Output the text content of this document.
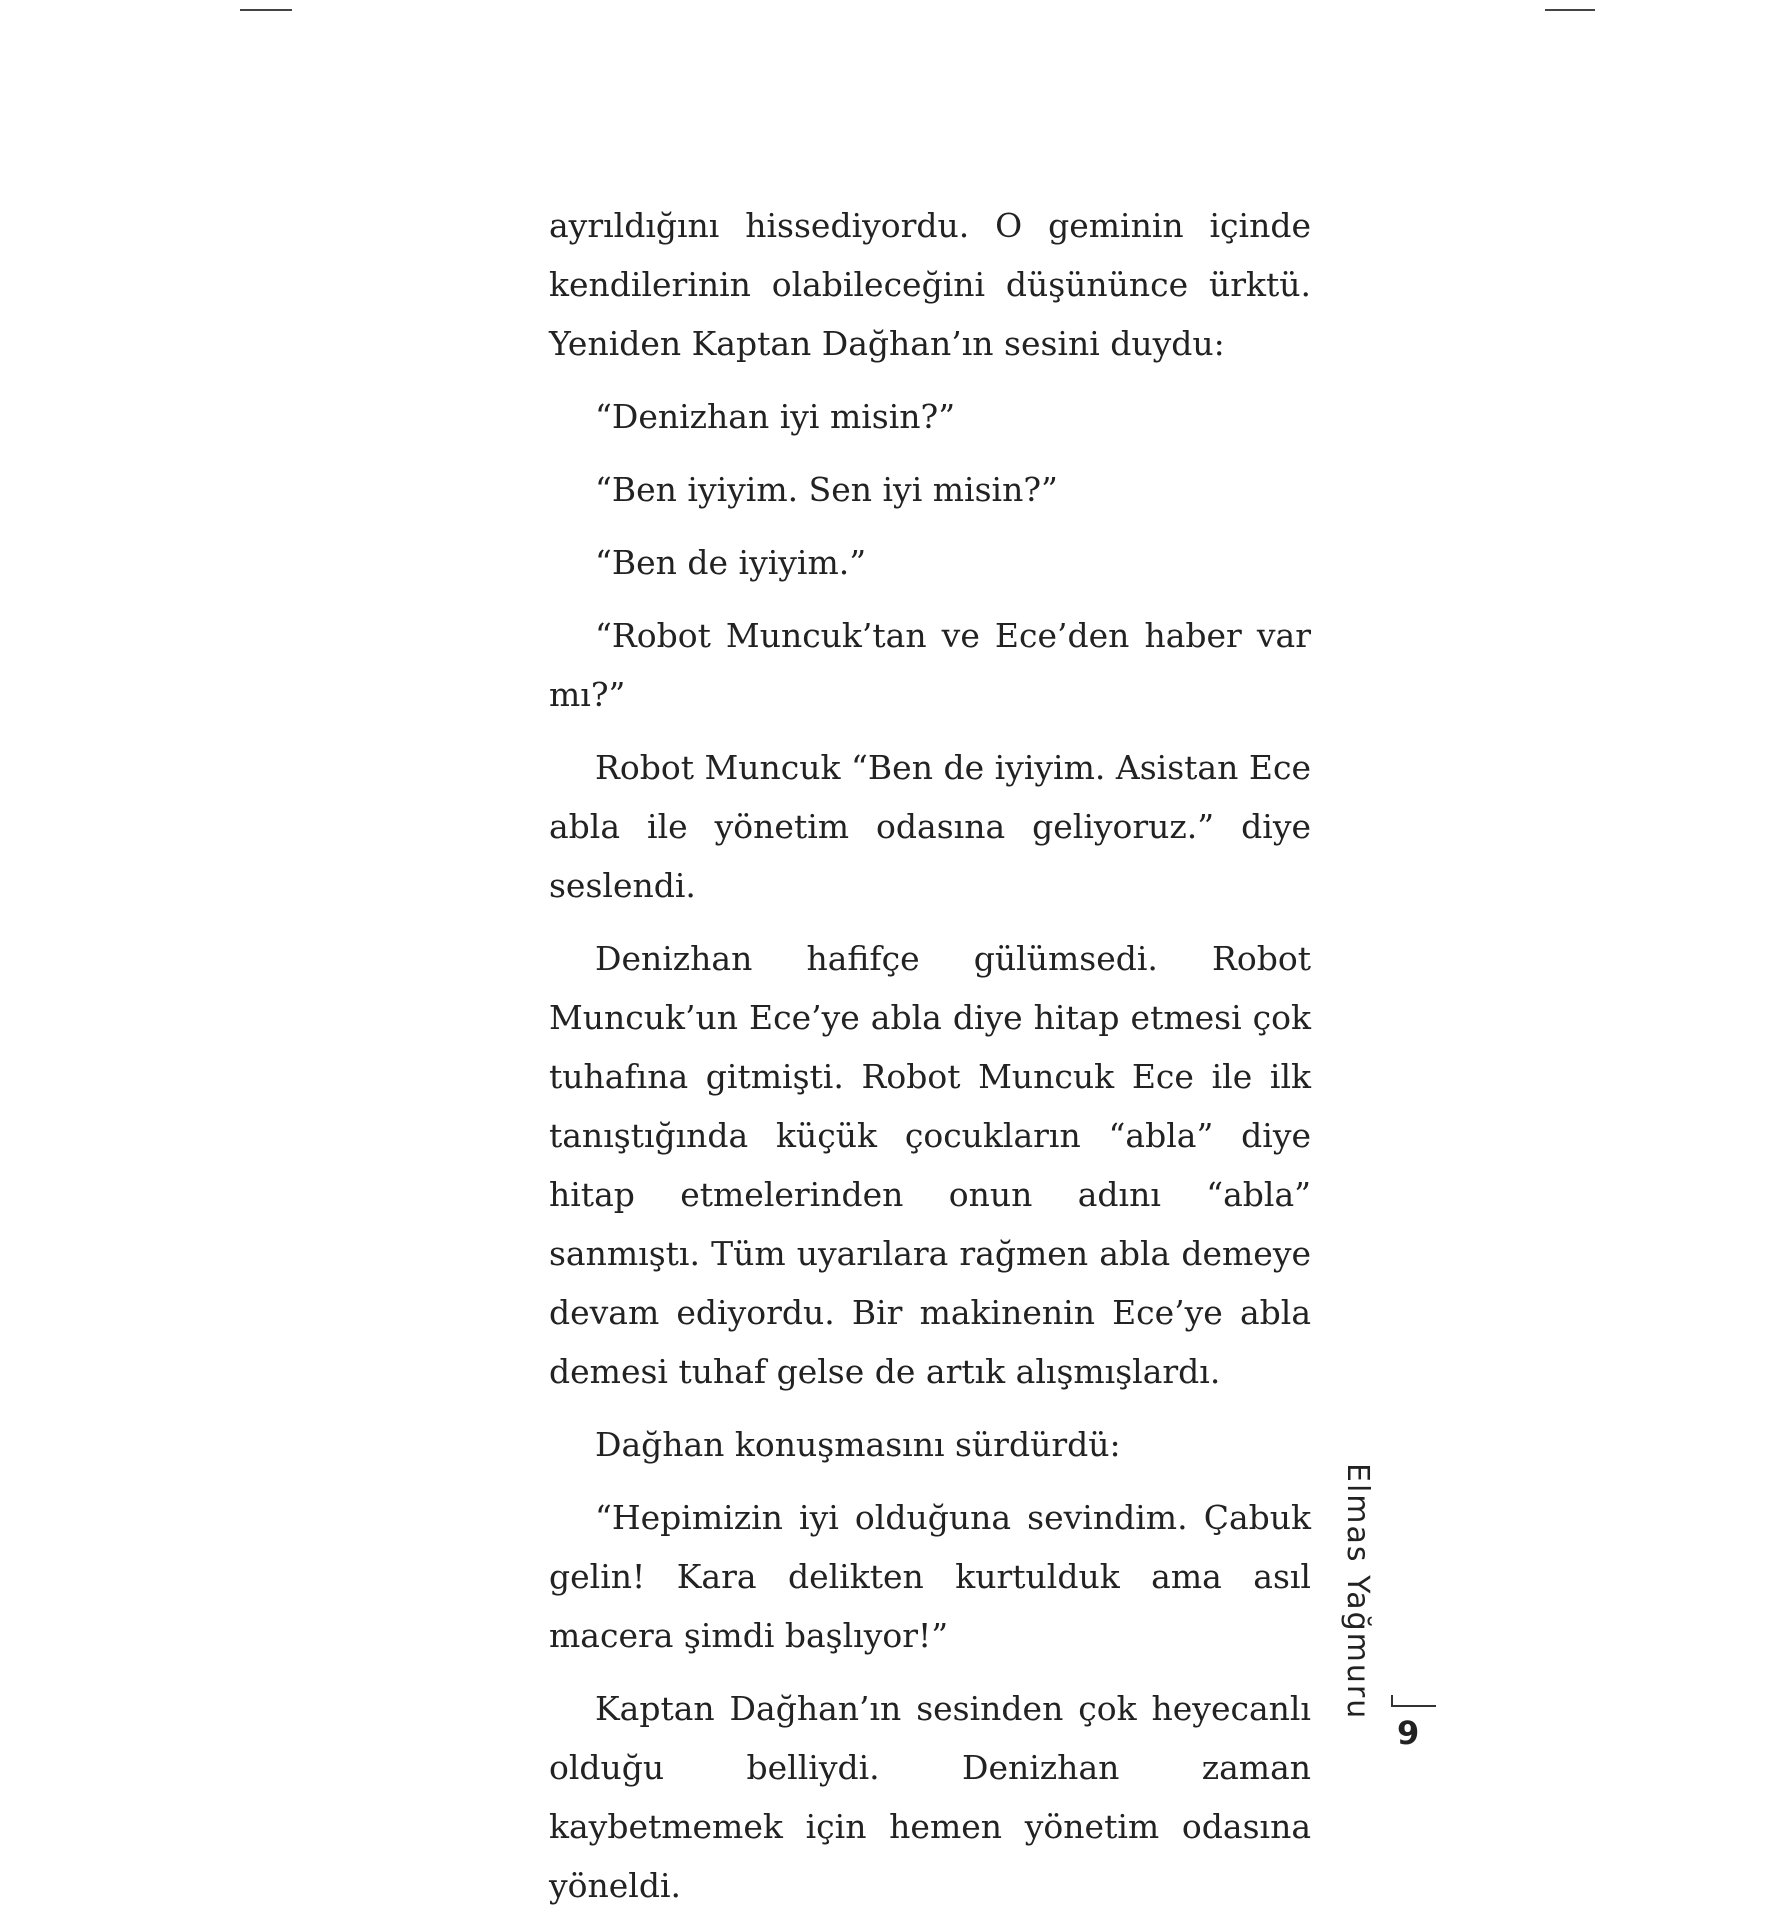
ayrıldığını hissediyordu. O geminin içinde kendilerinin olabileceğini düşününce ürktü. Yeniden Kaptan Dağhan’ın sesini duydu:

“Denizhan iyi misin?”

“Ben iyiyim. Sen iyi misin?”

“Ben de iyiyim.”

“Robot Muncuk’tan ve Ece’den haber var mı?”

Robot Muncuk “Ben de iyiyim. Asistan Ece abla ile yönetim odasına geliyoruz.” diye seslendi.

Denizhan hafifçe gülümsedi. Robot Muncuk’un Ece’ye abla diye hitap etmesi çok tuhafına gitmişti. Robot Muncuk Ece ile ilk tanıştığında küçük çocukların “abla” diye hitap etmelerinden onun adını “abla” sanmıştı. Tüm uyarılara rağmen abla demeye devam ediyordu. Bir makinenin Ece’ye abla demesi tuhaf gelse de artık alışmışlardı.

Dağhan konuşmasını sürdürdü:

“Hepimizin iyi olduğuna sevindim. Çabuk gelin! Kara delikten kurtulduk ama asıl macera şimdi başlıyor!”

Kaptan Dağhan’ın sesinden çok heyecanlı olduğu belliydi. Denizhan zaman kaybetmemek için hemen yönetim odasına yöneldi.

Elmas Yağmuru
9
